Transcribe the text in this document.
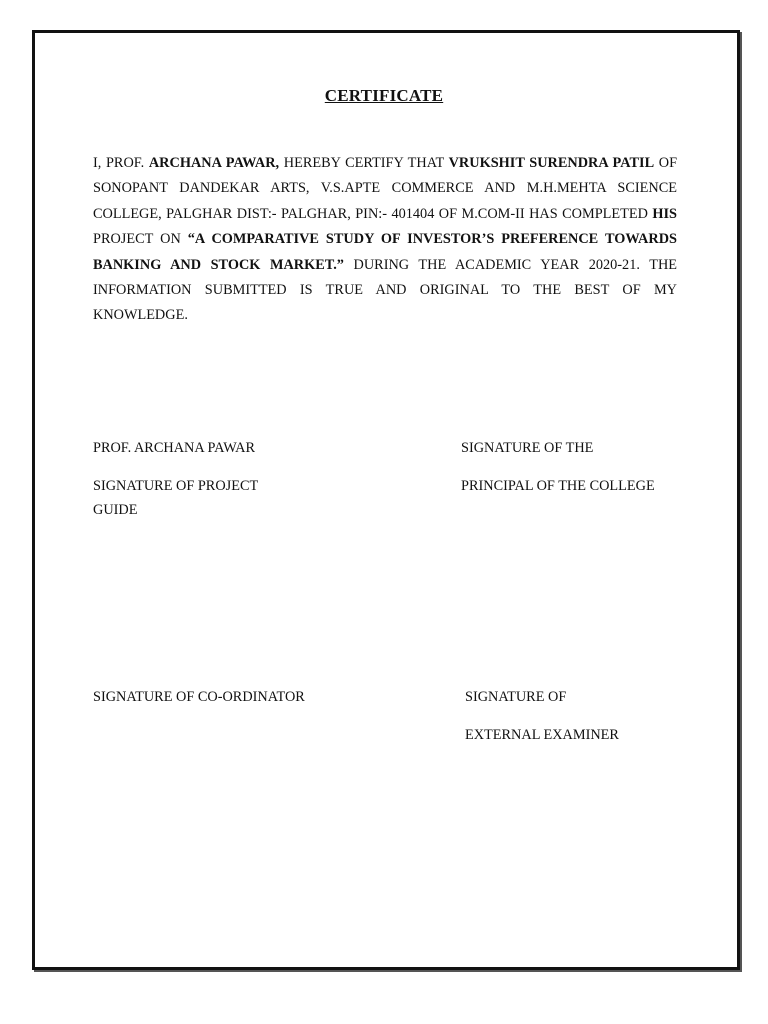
CERTIFICATE
I, PROF. ARCHANA PAWAR, HEREBY CERTIFY THAT VRUKSHIT SURENDRA PATIL OF SONOPANT DANDEKAR ARTS, V.S.APTE COMMERCE AND M.H.MEHTA SCIENCE COLLEGE, PALGHAR DIST:- PALGHAR, PIN:- 401404 OF M.COM-II HAS COMPLETED HIS PROJECT ON “A COMPARATIVE STUDY OF INVESTOR’S PREFERENCE TOWARDS BANKING AND STOCK MARKET.” DURING THE ACADEMIC YEAR 2020-21. THE INFORMATION SUBMITTED IS TRUE AND ORIGINAL TO THE BEST OF MY KNOWLEDGE.
PROF. ARCHANA PAWAR
SIGNATURE OF PROJECT
GUIDE
SIGNATURE OF THE
PRINCIPAL OF THE COLLEGE
SIGNATURE OF CO-ORDINATOR	SIGNATURE OF
EXTERNAL EXAMINER
